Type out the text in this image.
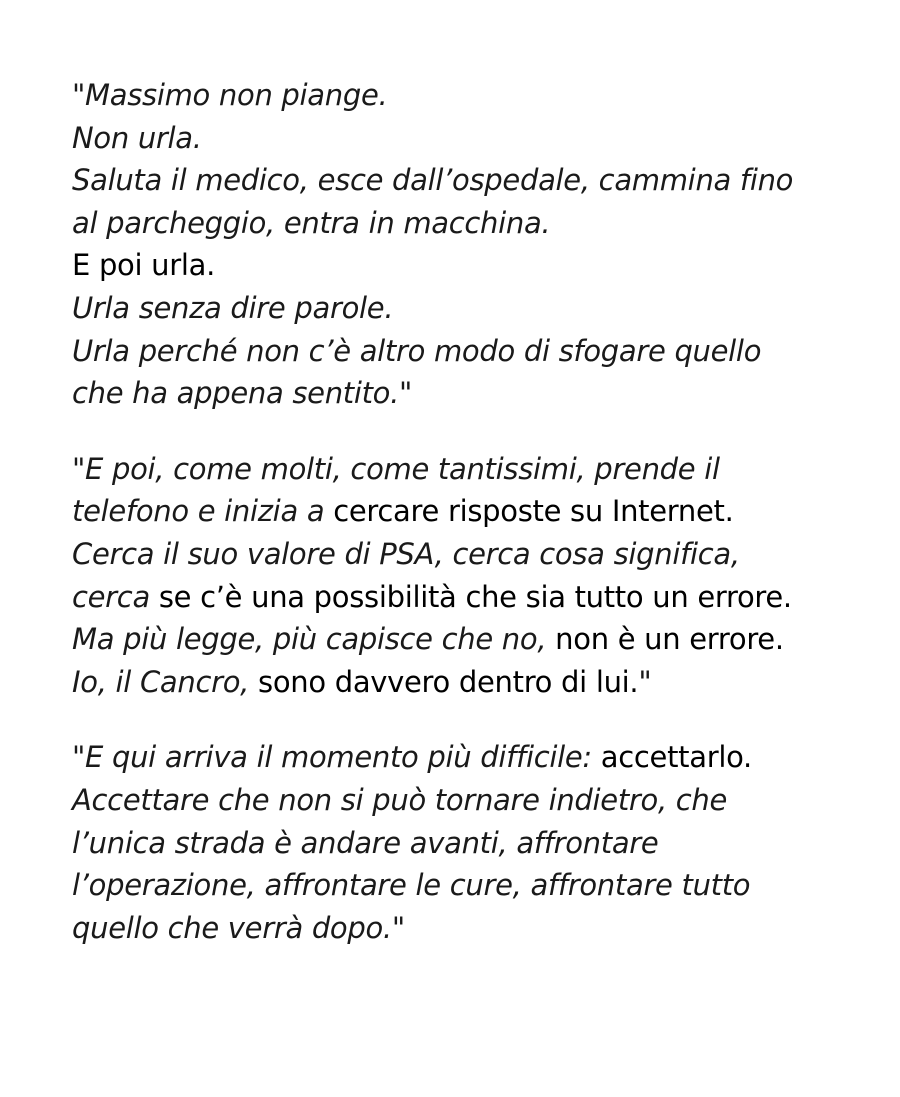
"Massimo non piange.
Non urla.
Saluta il medico, esce dall’ospedale, cammina fino
al parcheggio, entra in macchina.
E poi urla.
Urla senza dire parole.
Urla perché non c’è altro modo di sfogare quello
che ha appena sentito."

"E poi, come molti, come tantissimi, prende il
telefono e inizia a cercare risposte su Internet.
Cerca il suo valore di PSA, cerca cosa significa,
cerca se c’è una possibilità che sia tutto un errore.
Ma più legge, più capisce che no, non è un errore.
Io, il Cancro, sono davvero dentro di lui."

"E qui arriva il momento più difficile: accettarlo.
Accettare che non si può tornare indietro, che
l’unica strada è andare avanti, affrontare
l’operazione, affrontare le cure, affrontare tutto
quello che verrà dopo."
